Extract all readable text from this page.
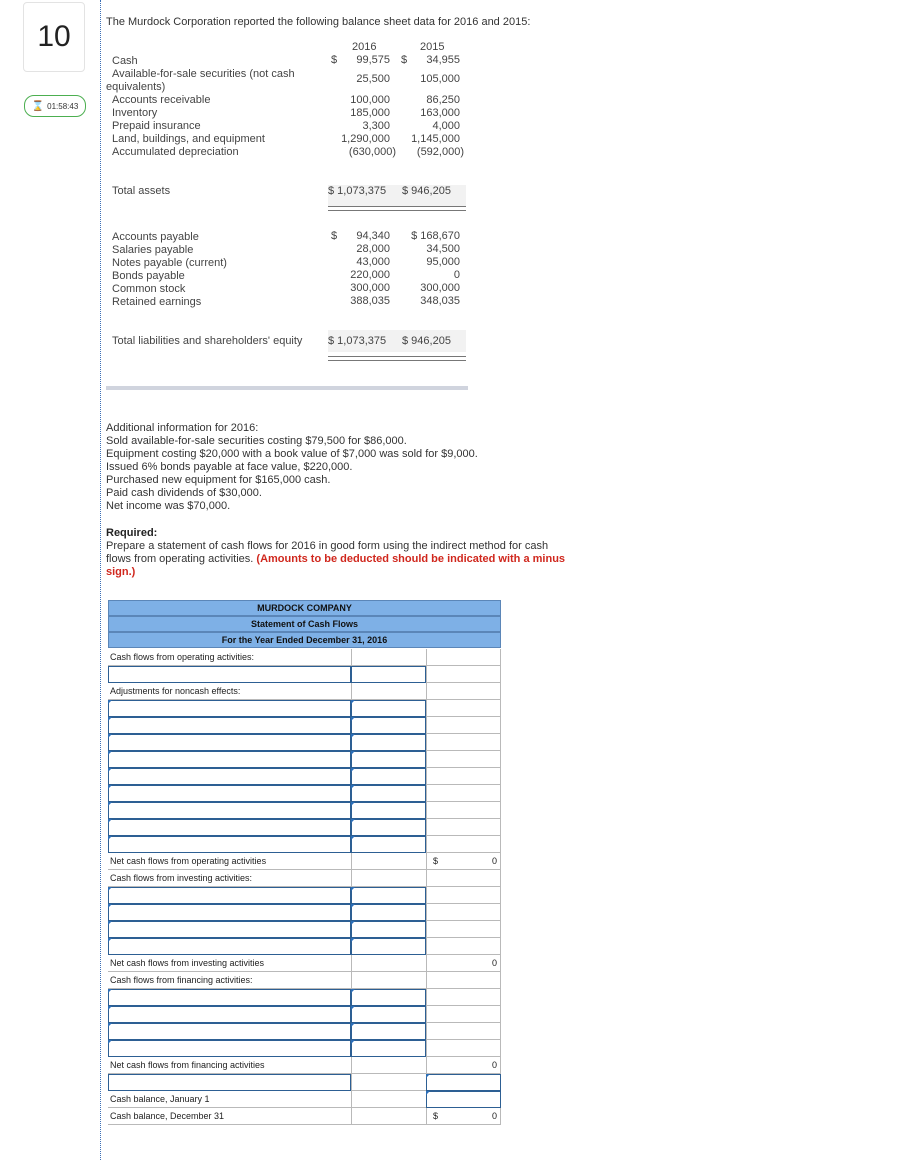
10
⌛ 01:58:43
The Murdock Corporation reported the following balance sheet data for 2016 and 2015:
2016	2015
Cash	$ 99,575 $ 34,955
Available-for-sale securities (not cash
equivalents)
25,500	105,000
Accounts receivable	100,000	86,250
Inventory	185,000	163,000
Prepaid insurance	3,300	4,000
Land, buildings, and equipment	1,290,000 1,145,000
Accumulated depreciation	(630,000) (592,000)
Total assets	$ 1,073,375 $ 946,205
Accounts payable	$ 94,340 $ 168,670
Salaries payable	28,000	34,500
Notes payable (current)	43,000	95,000
Bonds payable	220,000	0
Common stock	300,000	300,000
Retained earnings	388,035	348,035
Total liabilities and shareholders' equity $ 1,073,375 $ 946,205
Additional information for 2016:
Sold available-for-sale securities costing $79,500 for $86,000.
Equipment costing $20,000 with a book value of $7,000 was sold for $9,000.
Issued 6% bonds payable at face value, $220,000.
Purchased new equipment for $165,000 cash.
Paid cash dividends of $30,000.
Net income was $70,000.
Required:
Prepare a statement of cash flows for 2016 in good form using the indirect method for cash flows from operating activities. (Amounts to be deducted should be indicated with a minus sign.)
MURDOCK COMPANY
Statement of Cash Flows
For the Year Ended December 31, 2016
Cash flows from operating activities:
Adjustments for noncash effects:
Net cash flows from operating activities	$	0
Cash flows from investing activities:
Net cash flows from investing activities	0
Cash flows from financing activities:
Net cash flows from financing activities	0
Cash balance, January 1
Cash balance, December 31	$	0
